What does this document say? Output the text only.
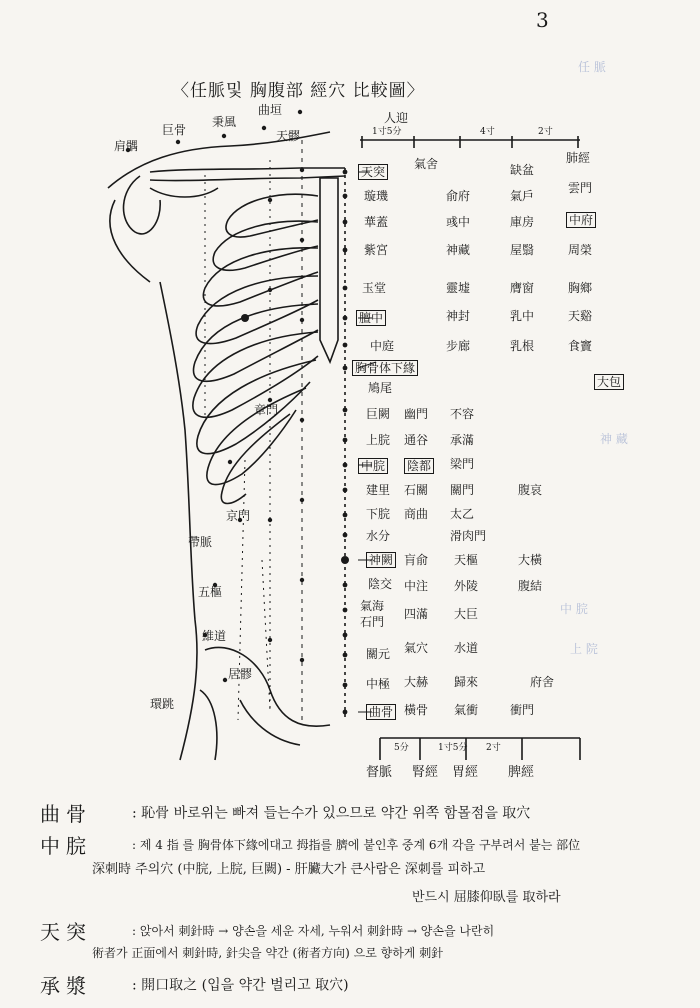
任 脈
神 藏
中 脘
上 院
3
〈任脈및 胸腹部 經穴 比較圖〉
肩髃
巨骨
秉風
曲垣
天髎
人迎
肺經
大包
章門
帶脈
京門
五樞
維道
居髎
環跳
1寸5分	4寸	2寸
5分	1寸5分 2寸
天突
璇璣
華蓋
紫宮
玉堂
膻中
中庭
胸骨体下緣
鳩尾
巨闕
上脘
中脘
建里
下脘
水分
神闕
陰交
氣海
石門
關元
中極
曲骨
俞府
彧中
神藏
靈墟
神封
步廊
幽門
通谷
陰都
石關
商曲
肓俞
中注
四滿
氣穴
大赫
橫骨
氣舍	缺盆
氣戶
庫房
屋翳
膺窗
乳中
乳根
不容
承滿
梁門
關門
太乙
滑肉門
天樞
外陵
大巨
水道
歸來
氣衝
雲門
中府
周榮
胸鄉
天谿
食竇
腹哀
大橫
腹結
府舍
衝門
督脈 腎經 胃經 脾經
曲骨	: 恥骨 바로위는 빠져 들는수가 있으므로 약간 위쪽 함몰점을 取穴
中脘	: 제 4 指 를 胸骨体下緣에대고 拇指를 臍에 붙인후 중계 6개 각을 구부려서 붙는 部位
深刺時 주의穴 (中脘, 上脘, 巨闕) - 肝臟大가 큰사람은 深刺를 피하고
반드시 屈膝仰臥를 取하라
天突	: 앉아서 刺針時 → 양손을 세운 자세, 누워서 刺針時 → 양손을 나란히
術者가 正面에서 刺針時, 針尖을 약간 (術者方向) 으로 향하게 刺針
承漿	: 開口取之 (입을 약간 벌리고 取穴)
